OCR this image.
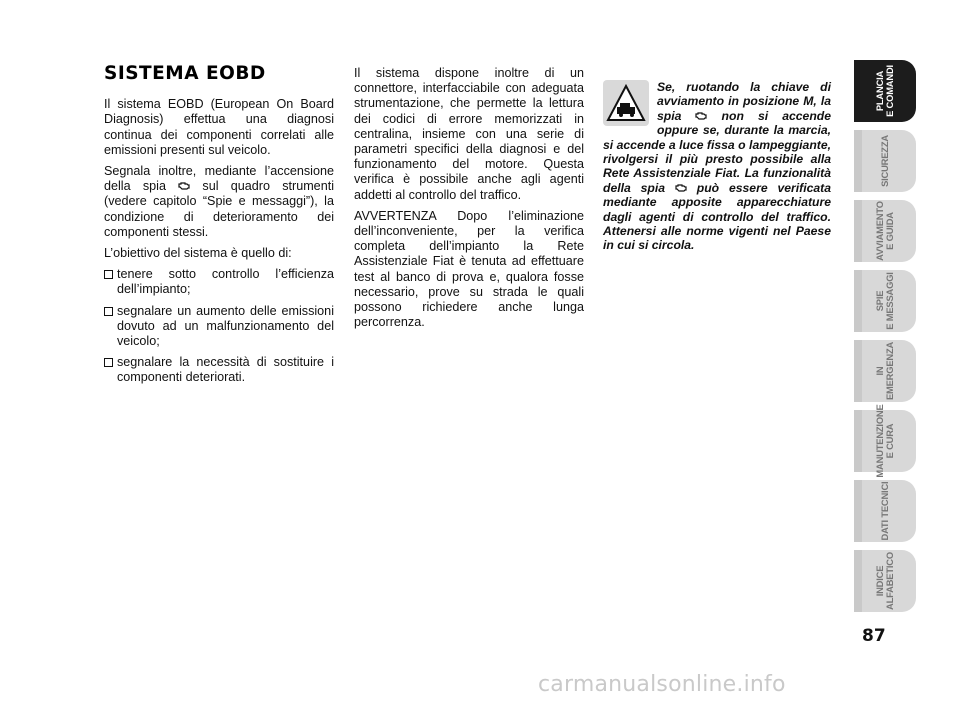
SISTEMA EOBD

Il sistema EOBD (European On Board Diagnosis) effettua una diagnosi continua dei componenti correlati alle emissioni presenti sul veicolo.

Segnala inoltre, mediante l’accensione della spia  sul quadro strumenti (vedere capitolo “Spie e messaggi”), la condizione di deterioramento dei componenti stessi.

L’obiettivo del sistema è quello di:

tenere sotto controllo l’efficienza dell’impianto;
segnalare un aumento delle emissioni dovuto ad un malfunzionamento del veicolo;
segnalare la necessità di sostituire i componenti deteriorati.

Il sistema dispone inoltre di un connettore, interfacciabile con adeguata strumentazione, che permette la lettura dei codici di errore memorizzati in centralina, insieme con una serie di parametri specifici della diagnosi e del funzionamento del motore. Questa verifica è possibile anche agli agenti addetti al controllo del traffico.

AVVERTENZA Dopo l’eliminazione dell’inconveniente, per la verifica completa dell’impianto la Rete Assistenziale Fiat è tenuta ad effettuare test al banco di prova e, qualora fosse necessario, prove su strada le quali possono richiedere anche lunga percorrenza.

Se, ruotando la chiave di avviamento in posizione M, la spia  non si accende oppure se, durante la marcia, si accende a luce fissa o lampeggiante, rivolgersi il più presto possibile alla Rete Assistenziale Fiat. La funzionalità della spia  può essere verificata mediante apposite apparecchiature dagli agenti di controllo del traffico. Attenersi alle norme vigenti nel Paese in cui si circola.
PLANCIA
E COMANDI
SICUREZZA
AVVIAMENTO
E GUIDA
SPIE
E MESSAGGI
IN
EMERGENZA
MANUTENZIONE
E CURA
DATI TECNICI
INDICE
ALFABETICO
87
carmanualsonline.info
